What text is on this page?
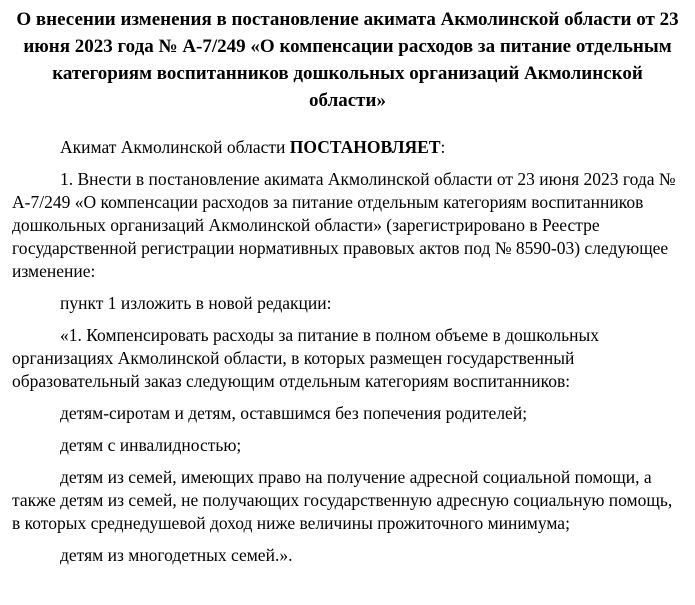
О внесении изменения в постановление акимата Акмолинской области от 23 июня 2023 года № А-7/249 «О компенсации расходов за питание отдельным категориям воспитанников дошкольных организаций Акмолинской области»

Акимат Акмолинской области ПОСТАНОВЛЯЕТ:

1. Внести в постановление акимата Акмолинской области от 23 июня 2023 года № А-7/249 «О компенсации расходов за питание отдельным категориям воспитанников дошкольных организаций Акмолинской области» (зарегистрировано в Реестре государственной регистрации нормативных правовых актов под № 8590-03) следующее изменение:

пункт 1 изложить в новой редакции:

«1. Компенсировать расходы за питание в полном объеме в дошкольных организациях Акмолинской области, в которых размещен государственный образовательный заказ следующим отдельным категориям воспитанников:

детям-сиротам и детям, оставшимся без попечения родителей;

детям с инвалидностью;

детям из семей, имеющих право на получение адресной социальной помощи, а также детям из семей, не получающих государственную адресную социальную помощь, в которых среднедушевой доход ниже величины прожиточного минимума;

детям из многодетных семей.».
